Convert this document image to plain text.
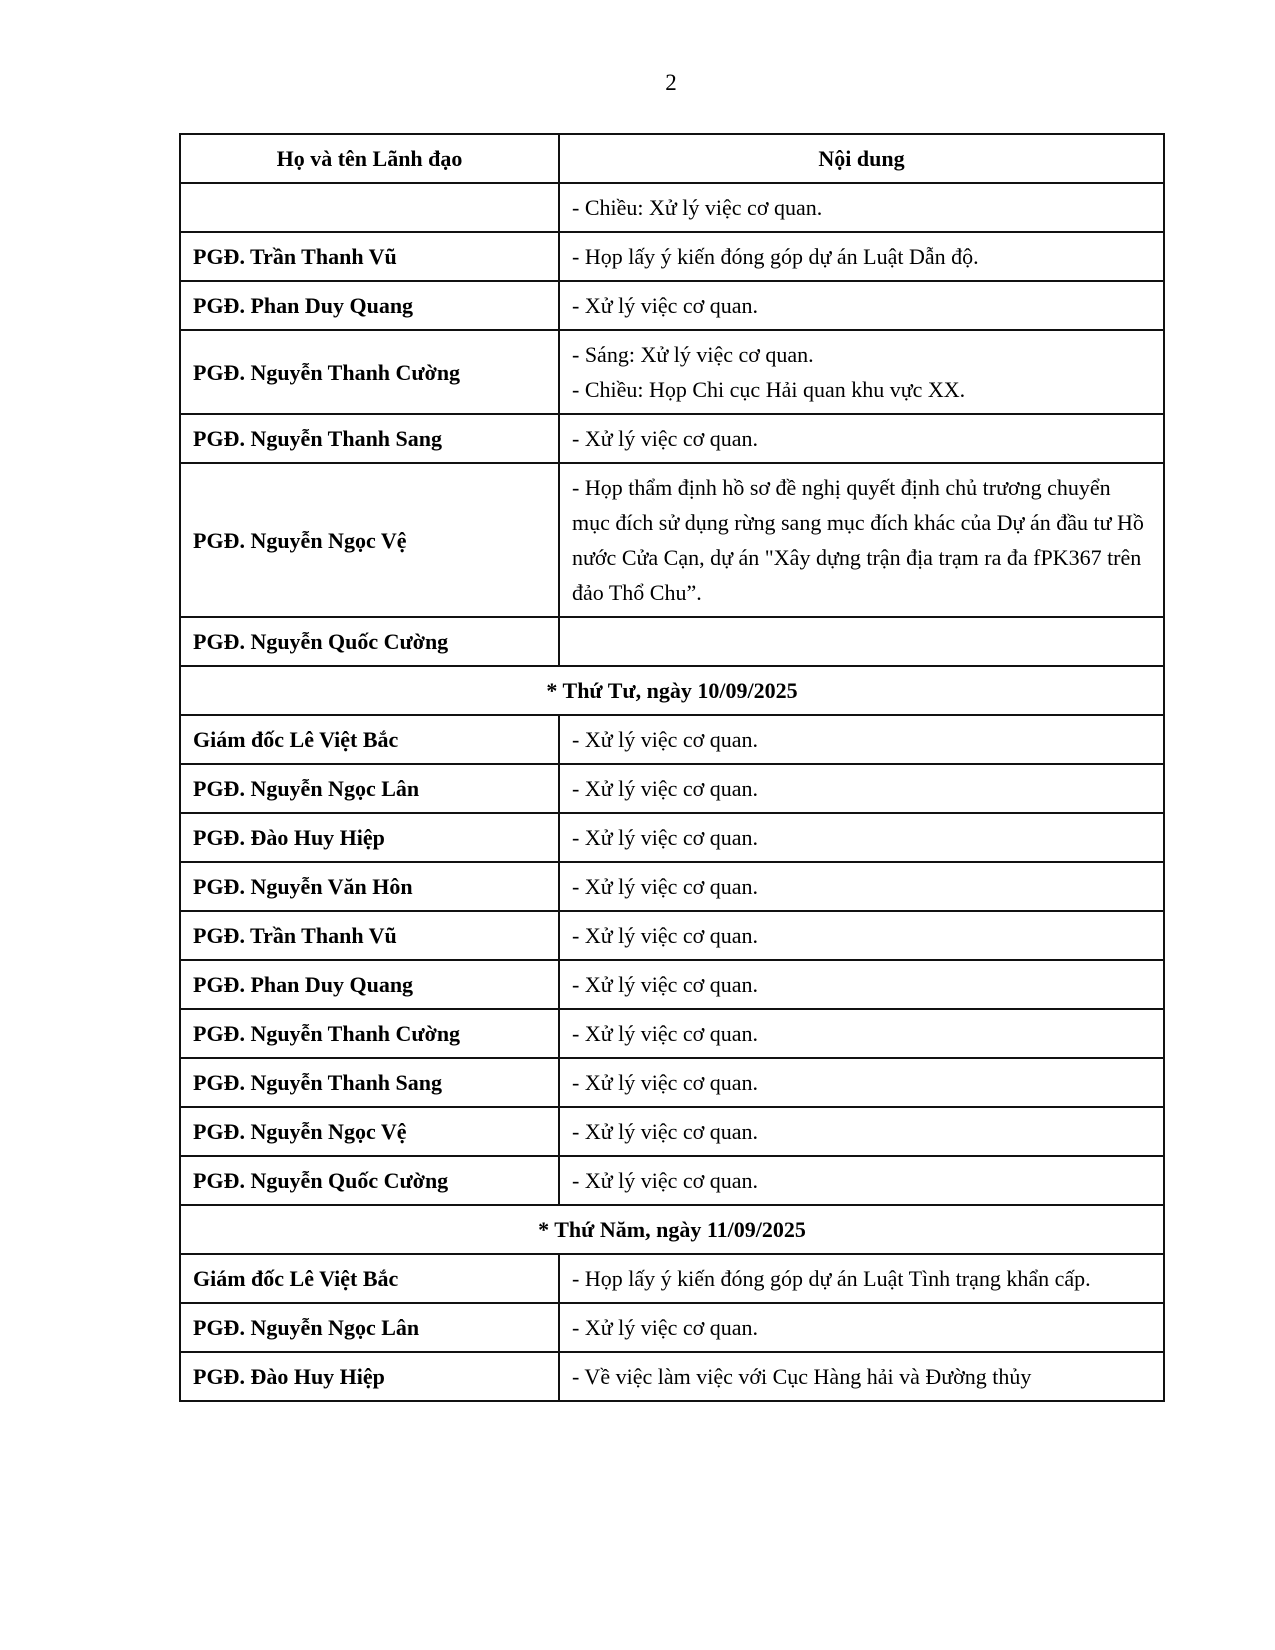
2
Họ và tên Lãnh đạo	Nội dung

	- Chiều: Xử lý việc cơ quan.

PGĐ. Trần Thanh Vũ	- Họp lấy ý kiến đóng góp dự án Luật Dẫn độ.

PGĐ. Phan Duy Quang	- Xử lý việc cơ quan.

PGĐ. Nguyễn Thanh Cường	- Sáng: Xử lý việc cơ quan.
- Chiều: Họp Chi cục Hải quan khu vực XX.

PGĐ. Nguyễn Thanh Sang	- Xử lý việc cơ quan.

PGĐ. Nguyễn Ngọc Vệ	- Họp thẩm định hồ sơ đề nghị quyết định chủ trương chuyển mục đích sử dụng rừng sang mục đích khác của Dự án đầu tư Hồ nước Cửa Cạn, dự án "Xây dựng trận địa trạm ra đa fPK367 trên đảo Thổ Chu”.

PGĐ. Nguyễn Quốc Cường	
* Thứ Tư, ngày 10/09/2025	
Giám đốc Lê Việt Bắc	- Xử lý việc cơ quan.

PGĐ. Nguyễn Ngọc Lân	- Xử lý việc cơ quan.

PGĐ. Đào Huy Hiệp	- Xử lý việc cơ quan.

PGĐ. Nguyễn Văn Hôn	- Xử lý việc cơ quan.

PGĐ. Trần Thanh Vũ	- Xử lý việc cơ quan.

PGĐ. Phan Duy Quang	- Xử lý việc cơ quan.

PGĐ. Nguyễn Thanh Cường	- Xử lý việc cơ quan.

PGĐ. Nguyễn Thanh Sang	- Xử lý việc cơ quan.

PGĐ. Nguyễn Ngọc Vệ	- Xử lý việc cơ quan.

PGĐ. Nguyễn Quốc Cường	- Xử lý việc cơ quan.

* Thứ Năm, ngày 11/09/2025	
Giám đốc Lê Việt Bắc	- Họp lấy ý kiến đóng góp dự án Luật Tình trạng khẩn cấp.

PGĐ. Nguyễn Ngọc Lân	- Xử lý việc cơ quan.

PGĐ. Đào Huy Hiệp	- Về việc làm việc với Cục Hàng hải và Đường thủy
